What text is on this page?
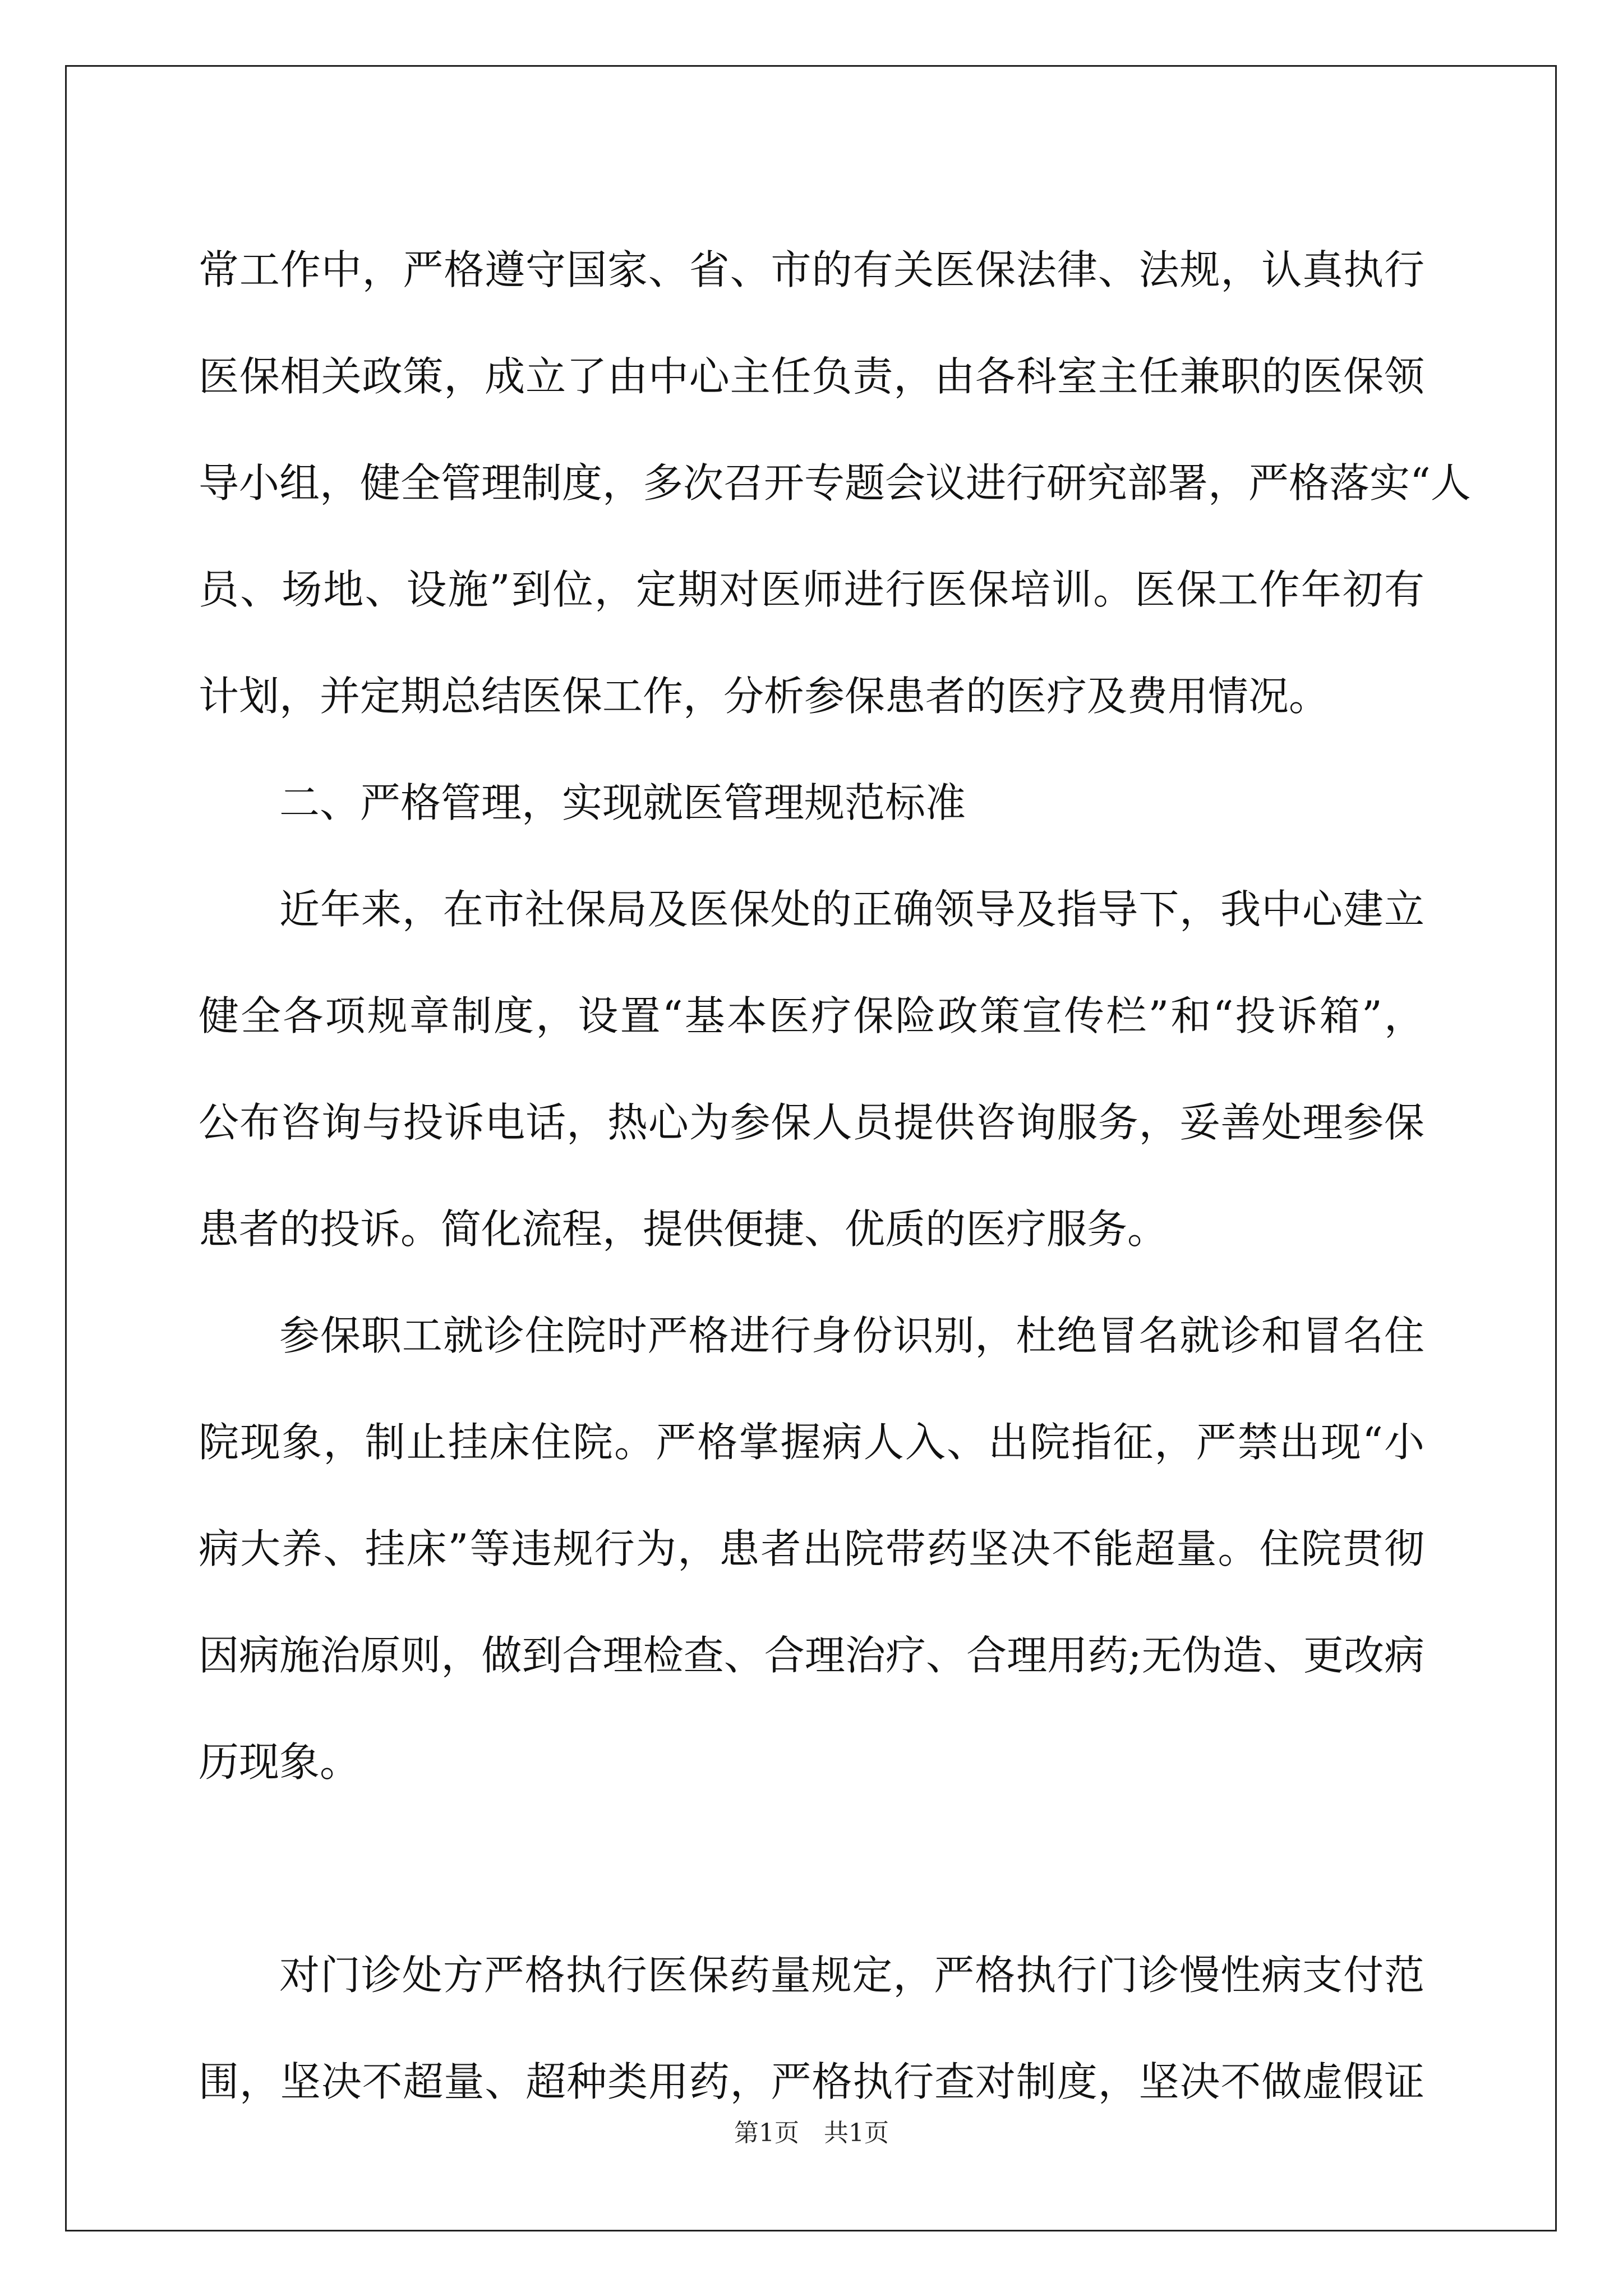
常工作中，严格遵守国家、省、市的有关医保法律、法规，认真执行
医保相关政策，成立了由中心主任负责，由各科室主任兼职的医保领
导小组，健全管理制度，多次召开专题会议进行研究部署，严格落实“人
员、场地、设施”到位，定期对医师进行医保培训。医保工作年初有
计划，并定期总结医保工作，分析参保患者的医疗及费用情况。
二、严格管理，实现就医管理规范标准
近年来，在市社保局及医保处的正确领导及指导下，我中心建立
健全各项规章制度，设置“基本医疗保险政策宣传栏”和“投诉箱”，
公布咨询与投诉电话，热心为参保人员提供咨询服务，妥善处理参保
患者的投诉。简化流程，提供便捷、优质的医疗服务。
参保职工就诊住院时严格进行身份识别，杜绝冒名就诊和冒名住
院现象，制止挂床住院。严格掌握病人入、出院指征，严禁出现“小
病大养、挂床”等违规行为，患者出院带药坚决不能超量。住院贯彻
因病施治原则，做到合理检查、合理治疗、合理用药;无伪造、更改病
历现象。
对门诊处方严格执行医保药量规定，严格执行门诊慢性病支付范
围，坚决不超量、超种类用药，严格执行查对制度，坚决不做虚假证
第1页　共1页
